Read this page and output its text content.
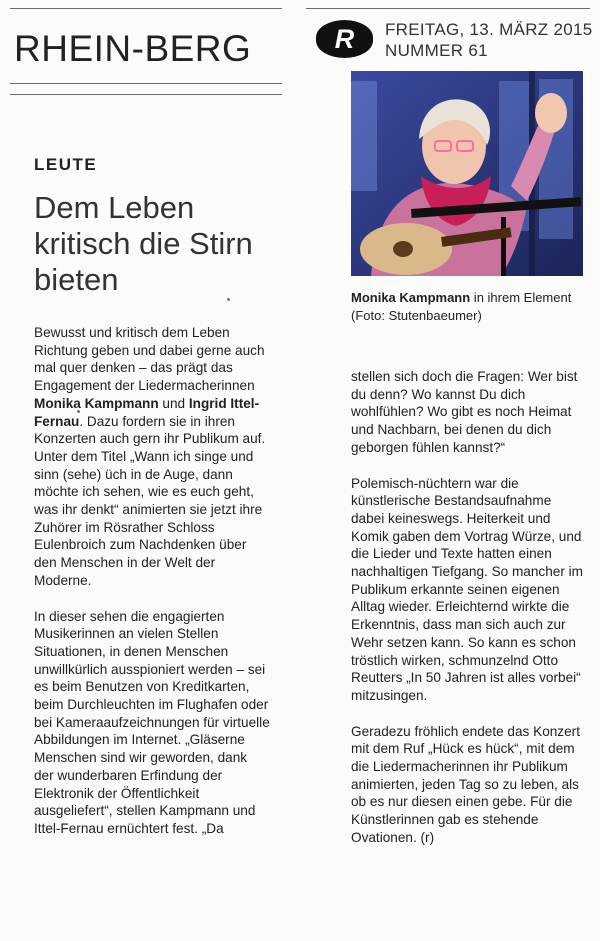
RHEIN-BERG	R	FREITAG, 13. MÄRZ 2015
NUMMER 61
LEUTE
Dem Leben kritisch die Stirn bieten
Monika Kampmann in ihrem Element (Foto: Stutenbaeumer)

Bewusst und kritisch dem Leben Richtung geben und dabei gerne auch mal quer denken – das prägt das Engagement der Liedermacherinnen Monika Kampmann und Ingrid Ittel-Fernau. Dazu fordern sie in ihren Konzerten auch gern ihr Publikum auf. Unter dem Titel „Wann ich singe und sinn (sehe) üch in de Auge, dann möchte ich sehen, wie es euch geht, was ihr denkt“ animierten sie jetzt ihre Zuhörer im Rösrather Schloss Eulenbroich zum Nachdenken über den Menschen in der Welt der Moderne.

In dieser sehen die engagierten Musikerinnen an vielen Stellen Situationen, in denen Menschen unwillkürlich ausspioniert werden – sei es beim Benutzen von Kreditkarten, beim Durchleuchten im Flughafen oder bei Kameraaufzeichnungen für virtuelle Abbildungen im Internet. „Gläserne Menschen sind wir geworden, dank der wunderbaren Erfindung der Elektronik der Öffentlichkeit ausgeliefert“, stellen Kampmann und Ittel-Fernau ernüchtert fest. „Da

stellen sich doch die Fragen: Wer bist du denn? Wo kannst Du dich wohlfühlen? Wo gibt es noch Heimat und Nachbarn, bei denen du dich geborgen fühlen kannst?“

Polemisch-nüchtern war die künstlerische Bestandsaufnahme dabei keineswegs. Heiterkeit und Komik gaben dem Vortrag Würze, und die Lieder und Texte hatten einen nachhaltigen Tiefgang. So mancher im Publikum erkannte seinen eigenen Alltag wieder. Erleichternd wirkte die Erkenntnis, dass man sich auch zur Wehr setzen kann. So kann es schon tröstlich wirken, schmunzelnd Otto Reutters „In 50 Jahren ist alles vorbei“ mitzusingen.

Geradezu fröhlich endete das Konzert mit dem Ruf „Hück es hück“, mit dem die Liedermacherinnen ihr Publikum animierten, jeden Tag so zu leben, als ob es nur diesen einen gebe. Für die Künstlerinnen gab es stehende Ovationen. (r)
